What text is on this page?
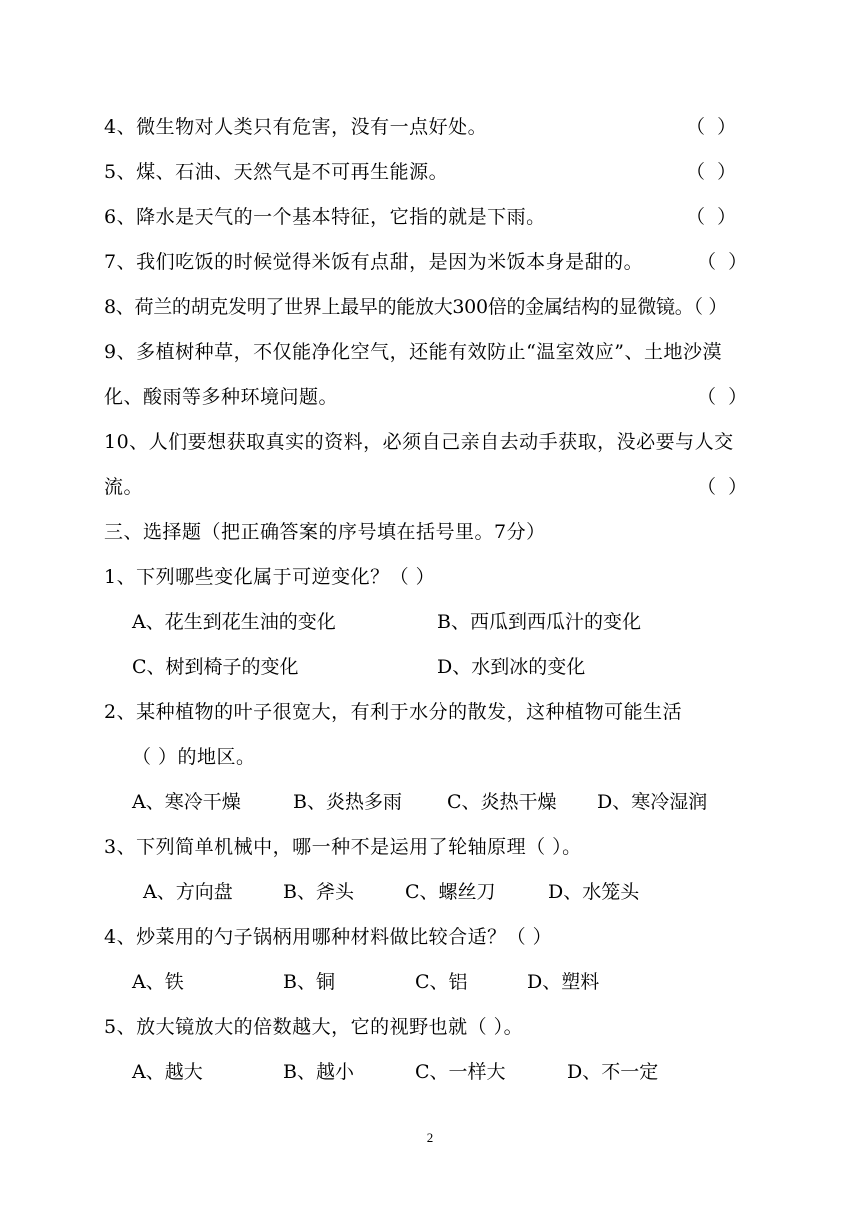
4、微生物对人类只有危害，没有一点好处。	（  ）
5、煤、石油、天然气是不可再生能源。	（  ）
6、降水是天气的一个基本特征，它指的就是下雨。	（  ）
7、我们吃饭的时候觉得米饭有点甜，是因为米饭本身是甜的。	（  ）
8、荷兰的胡克发明了世界上最早的能放大300倍的金属结构的显微镜。（ ）
9、多植树种草，不仅能净化空气，还能有效防止“温室效应”、土地沙漠
化、酸雨等多种环境问题。	（  ）
10、人们要想获取真实的资料，必须自己亲自去动手获取，没必要与人交
流。	（  ）
三、选择题（把正确答案的序号填在括号里。7分）
1、下列哪些变化属于可逆变化？（ ）
A、花生到花生油的变化	B、西瓜到西瓜汁的变化
C、树到椅子的变化	D、水到冰的变化
2、某种植物的叶子很宽大，有利于水分的散发，这种植物可能生活
（ ）的地区。
A、寒冷干燥	B、炎热多雨 C、炎热干燥 D、寒冷湿润
3、下列简单机械中，哪一种不是运用了轮轴原理（ ）。
A、方向盘	B、斧头	C、螺丝刀	D、水笼头
4、炒菜用的勺子锅柄用哪种材料做比较合适？（ ）
A、铁	B、铜	C、铝	D、塑料
5、放大镜放大的倍数越大，它的视野也就（ ）。
A、越大	B、越小	C、一样大	D、不一定
2
